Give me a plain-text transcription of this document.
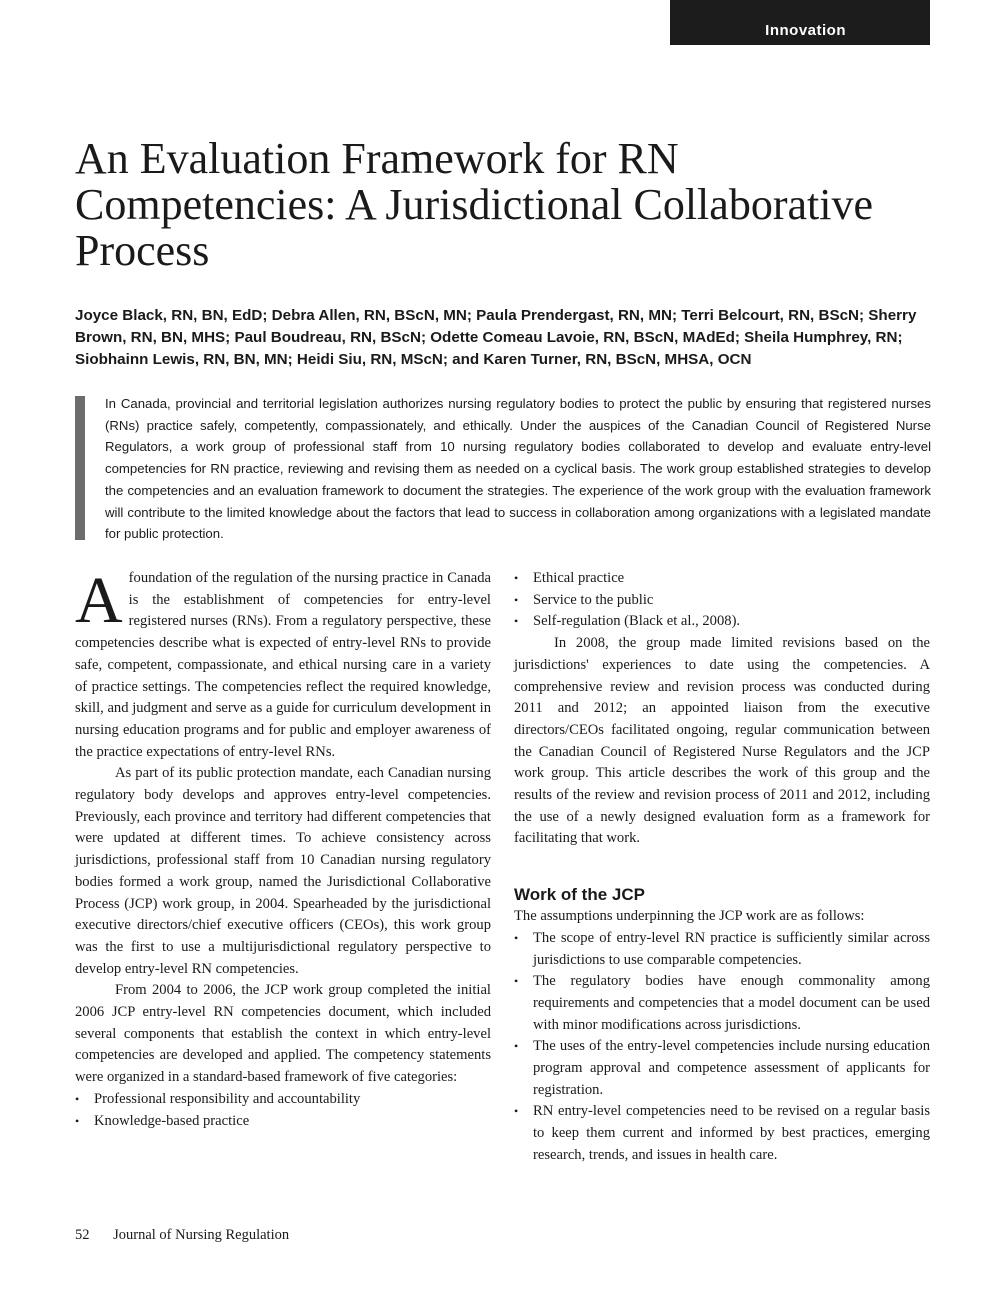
Innovation
An Evaluation Framework for RN Competencies: A Jurisdictional Collaborative Process

Joyce Black, RN, BN, EdD; Debra Allen, RN, BScN, MN; Paula Prendergast, RN, MN; Terri Belcourt, RN, BScN; Sherry Brown, RN, BN, MHS; Paul Boudreau, RN, BScN; Odette Comeau Lavoie, RN, BScN, MAdEd; Sheila Humphrey, RN; Siobhainn Lewis, RN, BN, MN; Heidi Siu, RN, MScN; and Karen Turner, RN, BScN, MHSA, OCN

In Canada, provincial and territorial legislation authorizes nursing regulatory bodies to protect the public by ensuring that registered nurses (RNs) practice safely, competently, compassionately, and ethically. Under the auspices of the Canadian Council of Registered Nurse Regulators, a work group of professional staff from 10 nursing regulatory bodies collaborated to develop and evaluate entry-level competencies for RN practice, reviewing and revising them as needed on a cyclical basis. The work group established strategies to develop the competencies and an evaluation framework to document the strategies. The experience of the work group with the evaluation framework will contribute to the limited knowledge about the factors that lead to success in collaboration among organizations with a legislated mandate for public protection.

Afoundation of the regulation of the nursing practice in Canada is the establishment of competencies for entry-level registered nurses (RNs). From a regulatory perspective, these competencies describe what is expected of entry-level RNs to provide safe, competent, compassionate, and ethical nursing care in a variety of practice settings. The competencies reflect the required knowledge, skill, and judgment and serve as a guide for curriculum development in nursing education programs and for public and employer awareness of the practice expectations of entry-level RNs.

As part of its public protection mandate, each Canadian nursing regulatory body develops and approves entry-level competencies. Previously, each province and territory had different competencies that were updated at different times. To achieve consistency across jurisdictions, professional staff from 10 Canadian nursing regulatory bodies formed a work group, named the Jurisdictional Collaborative Process (JCP) work group, in 2004. Spearheaded by the jurisdictional executive directors/chief executive officers (CEOs), this work group was the first to use a multijurisdictional regulatory perspective to develop entry-level RN competencies.

From 2004 to 2006, the JCP work group completed the initial 2006 JCP entry-level RN competencies document, which included several components that establish the context in which entry-level competencies are developed and applied. The competency statements were organized in a standard-based framework of five categories:

• Professional responsibility and accountability
• Knowledge-based practice
• Ethical practice
• Service to the public
• Self-regulation (Black et al., 2008).

In 2008, the group made limited revisions based on the jurisdictions' experiences to date using the competencies. A comprehensive review and revision process was conducted during 2011 and 2012; an appointed liaison from the executive directors/CEOs facilitated ongoing, regular communication between the Canadian Council of Registered Nurse Regulators and the JCP work group. This article describes the work of this group and the results of the review and revision process of 2011 and 2012, including the use of a newly designed evaluation form as a framework for facilitating that work.

Work of the JCP

The assumptions underpinning the JCP work are as follows:

• The scope of entry-level RN practice is sufficiently similar across jurisdictions to use comparable competencies.
• The regulatory bodies have enough commonality among requirements and competencies that a model document can be used with minor modifications across jurisdictions.
• The uses of the entry-level competencies include nursing education program approval and competence assessment of applicants for registration.
• RN entry-level competencies need to be revised on a regular basis to keep them current and informed by best practices, emerging research, trends, and issues in health care.
52 Journal of Nursing Regulation
